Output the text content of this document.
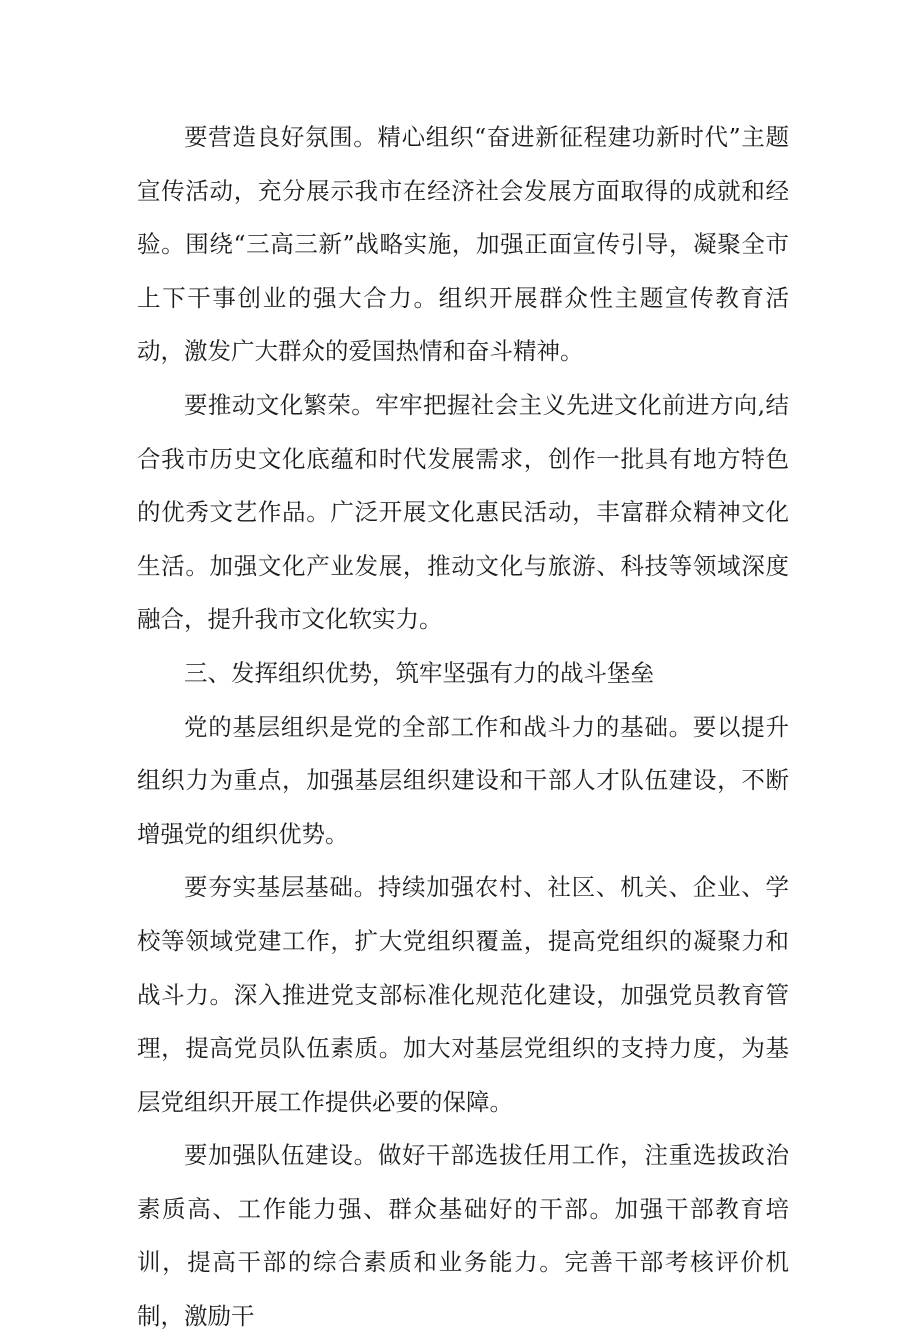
要营造良好氛围。精心组织“奋进新征程建功新时代”主题宣传活动，充分展示我市在经济社会发展方面取得的成就和经验。围绕“三高三新”战略实施，加强正面宣传引导，凝聚全市上下干事创业的强大合力。组织开展群众性主题宣传教育活动，激发广大群众的爱国热情和奋斗精神。

要推动文化繁荣。牢牢把握社会主义先进文化前进方向,结合我市历史文化底蕴和时代发展需求，创作一批具有地方特色的优秀文艺作品。广泛开展文化惠民活动，丰富群众精神文化生活。加强文化产业发展，推动文化与旅游、科技等领域深度融合，提升我市文化软实力。

三、发挥组织优势，筑牢坚强有力的战斗堡垒

党的基层组织是党的全部工作和战斗力的基础。要以提升组织力为重点，加强基层组织建设和干部人才队伍建设，不断增强党的组织优势。

要夯实基层基础。持续加强农村、社区、机关、企业、学校等领域党建工作，扩大党组织覆盖，提高党组织的凝聚力和战斗力。深入推进党支部标准化规范化建设，加强党员教育管理，提高党员队伍素质。加大对基层党组织的支持力度，为基层党组织开展工作提供必要的保障。

要加强队伍建设。做好干部选拔任用工作，注重选拔政治素质高、工作能力强、群众基础好的干部。加强干部教育培训，提高干部的综合素质和业务能力。完善干部考核评价机制，激励干
